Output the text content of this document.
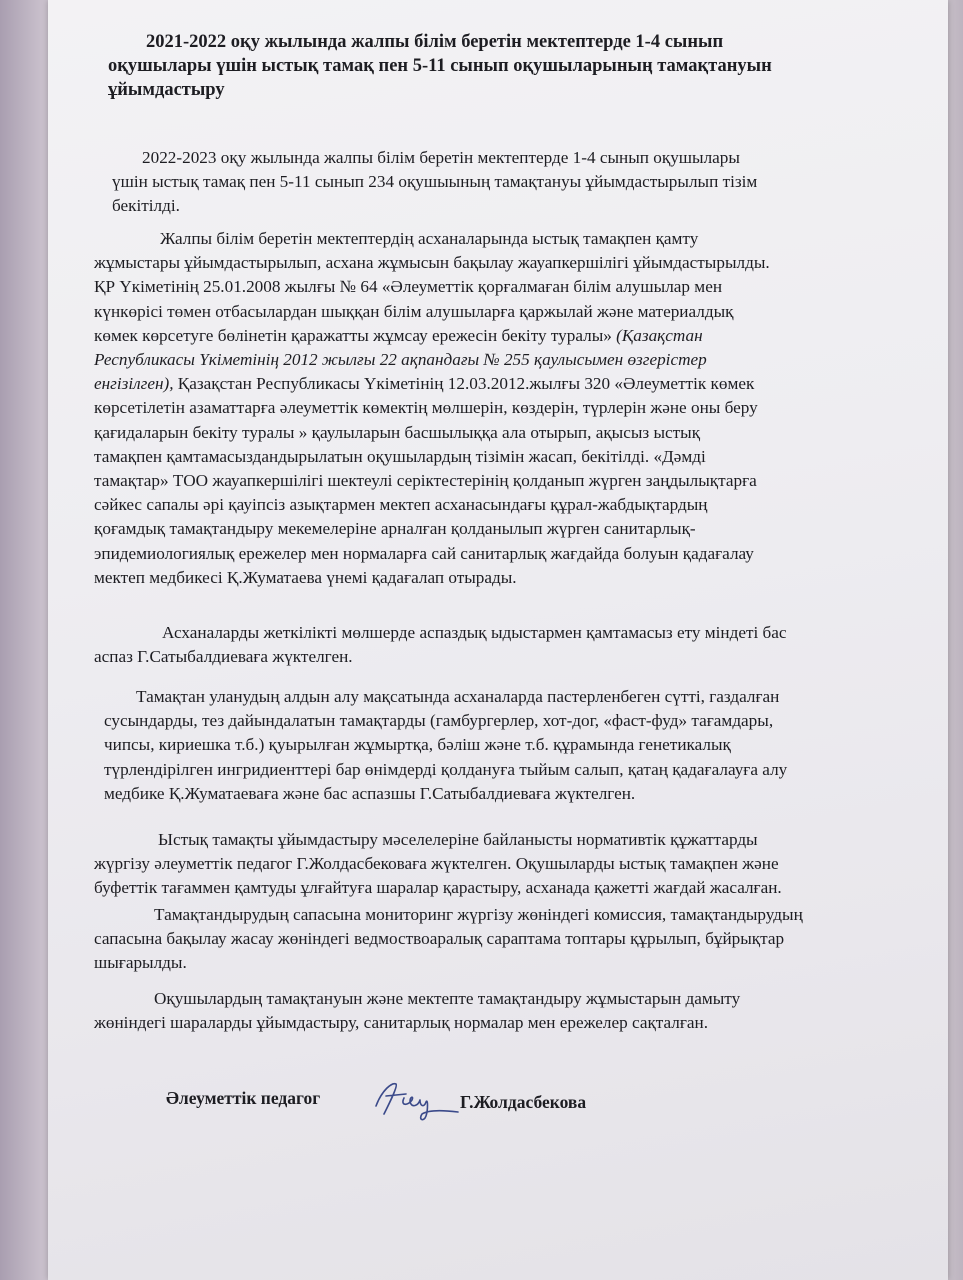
2021-2022 оқу жылында жалпы білім беретін мектептерде 1-4 сынып
оқушылары үшін ыстық тамақ пен 5-11 сынып оқушыларының тамақтануын
ұйымдастыру

2022-2023 оқу жылында жалпы білім беретін мектептерде 1-4 сынып оқушылары
үшін ыстық тамақ пен 5-11 сынып 234 оқушыының тамақтануы ұйымдастырылып тізім
бекітілді.

Жалпы білім беретін мектептердің асханаларында ыстық тамақпен қамту
жұмыстары ұйымдастырылып, асхана жұмысын бақылау жауапкершілігі ұйымдастырылды.
ҚР Үкіметінің 25.01.2008 жылғы № 64 «Әлеуметтік қорғалмаған білім алушылар мен
күнкөрісі төмен отбасылардан шыққан білім алушыларға қаржылай және материалдық
көмек көрсетуге бөлінетін қаражатты жұмсау ережесін бекіту туралы» (Қазақстан
Республикасы Үкіметінің 2012 жылғы 22 ақпандағы № 255 қаулысымен өзгерістер
енгізілген), Қазақстан Республикасы Үкіметінің 12.03.2012.жылғы 320 «Әлеуметтік көмек
көрсетілетін азаматтарға әлеуметтік көмектің мөлшерін, көздерін, түрлерін және оны беру
қағидаларын бекіту туралы » қаулыларын басшылыққа ала отырып, ақысыз ыстық
тамақпен қамтамасыздандырылатын оқушылардың тізімін жасап, бекітілді. «Дәмді
тамақтар» ТОО жауапкершілігі шектеулі серіктестерінің қолданып жүрген заңдылықтарға
сәйкес сапалы әрі қауіпсіз азықтармен мектеп асханасындағы құрал-жабдықтардың
қоғамдық тамақтандыру мекемелеріне арналған қолданылып жүрген санитарлық-
эпидемиологиялық ережелер мен нормаларға сай санитарлық жағдайда болуын қадағалау
мектеп медбикесі Қ.Жуматаева үнемі қадағалап отырады.

Асханаларды жеткілікті мөлшерде аспаздық ыдыстармен қамтамасыз ету міндеті бас
аспаз Г.Сатыбалдиеваға жүктелген.

Тамақтан уланудың алдын алу мақсатында асханаларда пастерленбеген сүтті, газдалған
сусындарды, тез дайындалатын тамақтарды (гамбургерлер, хот-дог, «фаст-фуд» тағамдары,
чипсы, кириешка т.б.) қуырылған жұмыртқа, бәліш және т.б. құрамында генетикалық
түрлендірілген ингридиенттері бар өнімдерді қолдануға тыйым салып, қатаң қадағалауға алу
медбике Қ.Жуматаеваға және бас аспазшы Г.Сатыбалдиеваға жүктелген.

Ыстық тамақты ұйымдастыру мәселелеріне байланысты нормативтік құжаттарды
жүргізу әлеуметтік педагог Г.Жолдасбековаға жүктелген. Оқушыларды ыстық тамақпен және
буфеттік тағаммен қамтуды ұлғайтуға шаралар қарастыру, асханада қажетті жағдай жасалған.

Тамақтандырудың сапасына мониторинг жүргізу жөніндегі комиссия, тамақтандырудың
сапасына бақылау жасау жөніндегі ведмоствоаралық сараптама топтары құрылып, бұйрықтар
шығарылды.

Оқушылардың тамақтануын және мектепте тамақтандыру жұмыстарын дамыту
жөніндегі шараларды ұйымдастыру, санитарлық нормалар мен ережелер сақталған.

Әлеуметтік педагог	Г.Жолдасбекова
